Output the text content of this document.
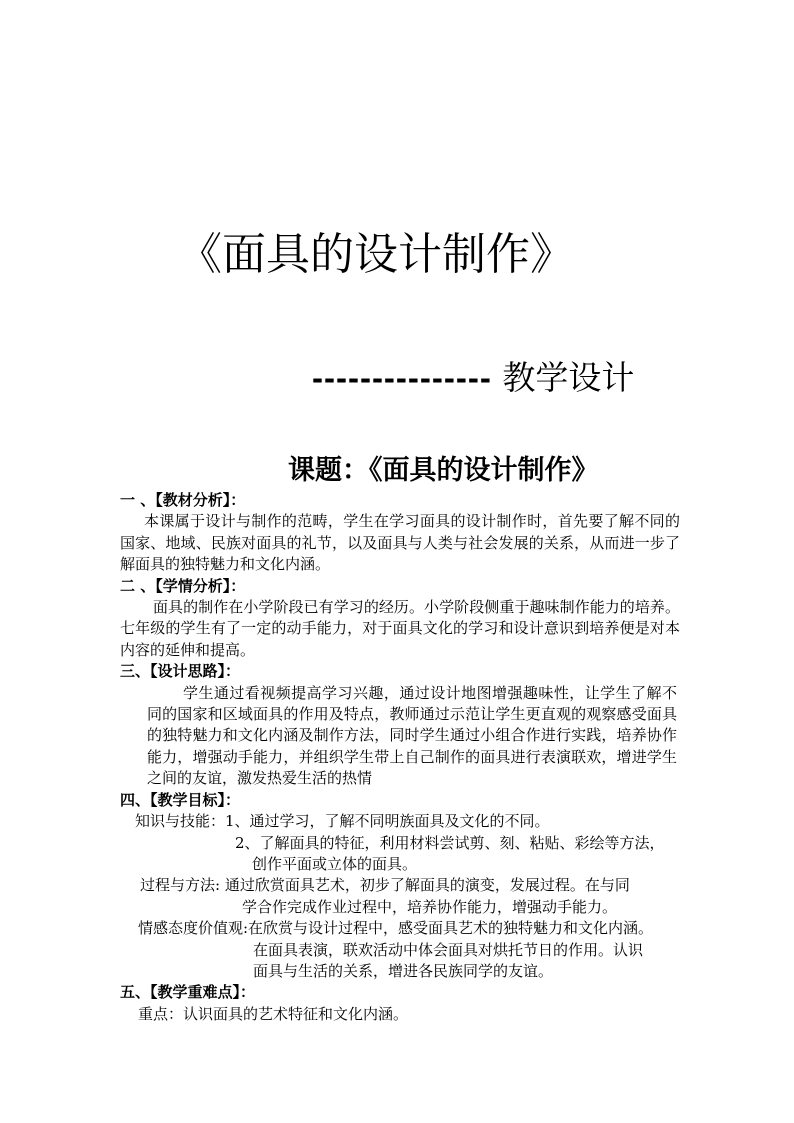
《面具的设计制作》
--------------- 教学设计
课题：《面具的设计制作》
一 、【教材分析】：
本课属于设计与制作的范畴，学生在学习面具的设计制作时，首先要了解不同的国家、地域、民族对面具的礼节，以及面具与人类与社会发展的关系，从而进一步了解面具的独特魅力和文化内涵。
二 、【学情分析】：
面具的制作在小学阶段已有学习的经历。小学阶段侧重于趣味制作能力的培养。七年级的学生有了一定的动手能力，对于面具文化的学习和设计意识到培养便是对本内容的延伸和提高。
三、【设计思路】：
学生通过看视频提高学习兴趣，通过设计地图增强趣味性，让学生了解不同的国家和区域面具的作用及特点，教师通过示范让学生更直观的观察感受面具的独特魅力和文化内涵及制作方法，同时学生通过小组合作进行实践，培养协作能力，增强动手能力，并组织学生带上自己制作的面具进行表演联欢，增进学生之间的友谊，激发热爱生活的热情
四、【教学目标】：
知识与技能：1、通过学习，了解不同明族面具及文化的不同。
2、了解面具的特征，利用材料尝试剪、刻、粘贴、彩绘等方法，
创作平面或立体的面具。
过程与方法: 通过欣赏面具艺术，初步了解面具的演变，发展过程。在与同
学合作完成作业过程中，培养协作能力，增强动手能力。
情感态度价值观:在欣赏与设计过程中，感受面具艺术的独特魅力和文化内涵。
在面具表演，联欢活动中体会面具对烘托节日的作用。认识
面具与生活的关系，增进各民族同学的友谊。
五、【教学重难点】：
重点：认识面具的艺术特征和文化内涵。
